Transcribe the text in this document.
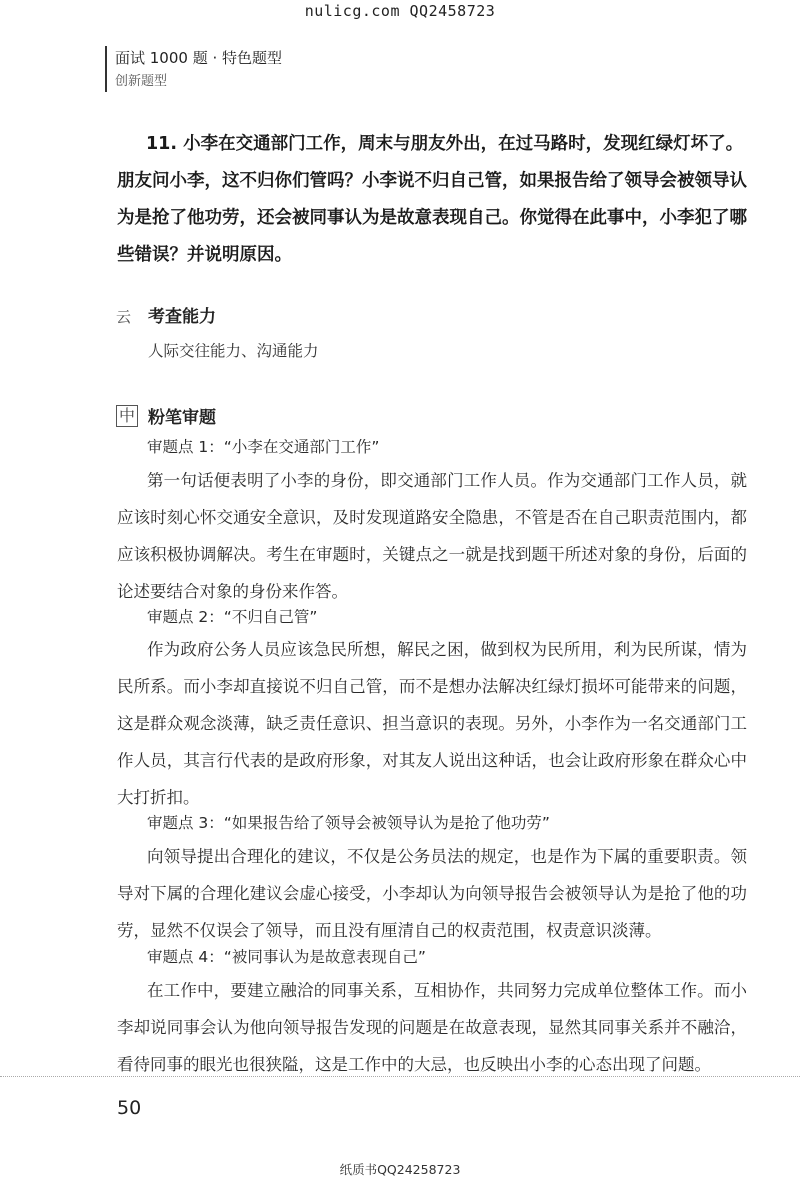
nulicg.com QQ2458723
面试 1000 题 · 特色题型
创新题型
11. 小李在交通部门工作，周末与朋友外出，在过马路时，发现红绿灯坏了。朋友问小李，这不归你们管吗？小李说不归自己管，如果报告给了领导会被领导认为是抢了他功劳，还会被同事认为是故意表现自己。你觉得在此事中，小李犯了哪些错误？并说明原因。
云 考查能力
人际交往能力、沟通能力
中 粉笔审题
审题点 1：“小李在交通部门工作”
第一句话便表明了小李的身份，即交通部门工作人员。作为交通部门工作人员，就应该时刻心怀交通安全意识，及时发现道路安全隐患，不管是否在自己职责范围内，都应该积极协调解决。考生在审题时，关键点之一就是找到题干所述对象的身份，后面的论述要结合对象的身份来作答。
审题点 2：“不归自己管”
作为政府公务人员应该急民所想，解民之困，做到权为民所用，利为民所谋，情为民所系。而小李却直接说不归自己管，而不是想办法解决红绿灯损坏可能带来的问题，这是群众观念淡薄，缺乏责任意识、担当意识的表现。另外，小李作为一名交通部门工作人员，其言行代表的是政府形象，对其友人说出这种话，也会让政府形象在群众心中大打折扣。
审题点 3：“如果报告给了领导会被领导认为是抢了他功劳”
向领导提出合理化的建议，不仅是公务员法的规定，也是作为下属的重要职责。领导对下属的合理化建议会虚心接受，小李却认为向领导报告会被领导认为是抢了他的功劳，显然不仅误会了领导，而且没有厘清自己的权责范围，权责意识淡薄。
审题点 4：“被同事认为是故意表现自己”
在工作中，要建立融洽的同事关系，互相协作，共同努力完成单位整体工作。而小李却说同事会认为他向领导报告发现的问题是在故意表现，显然其同事关系并不融洽，看待同事的眼光也很狭隘，这是工作中的大忌，也反映出小李的心态出现了问题。
50
纸质书QQ24258723
